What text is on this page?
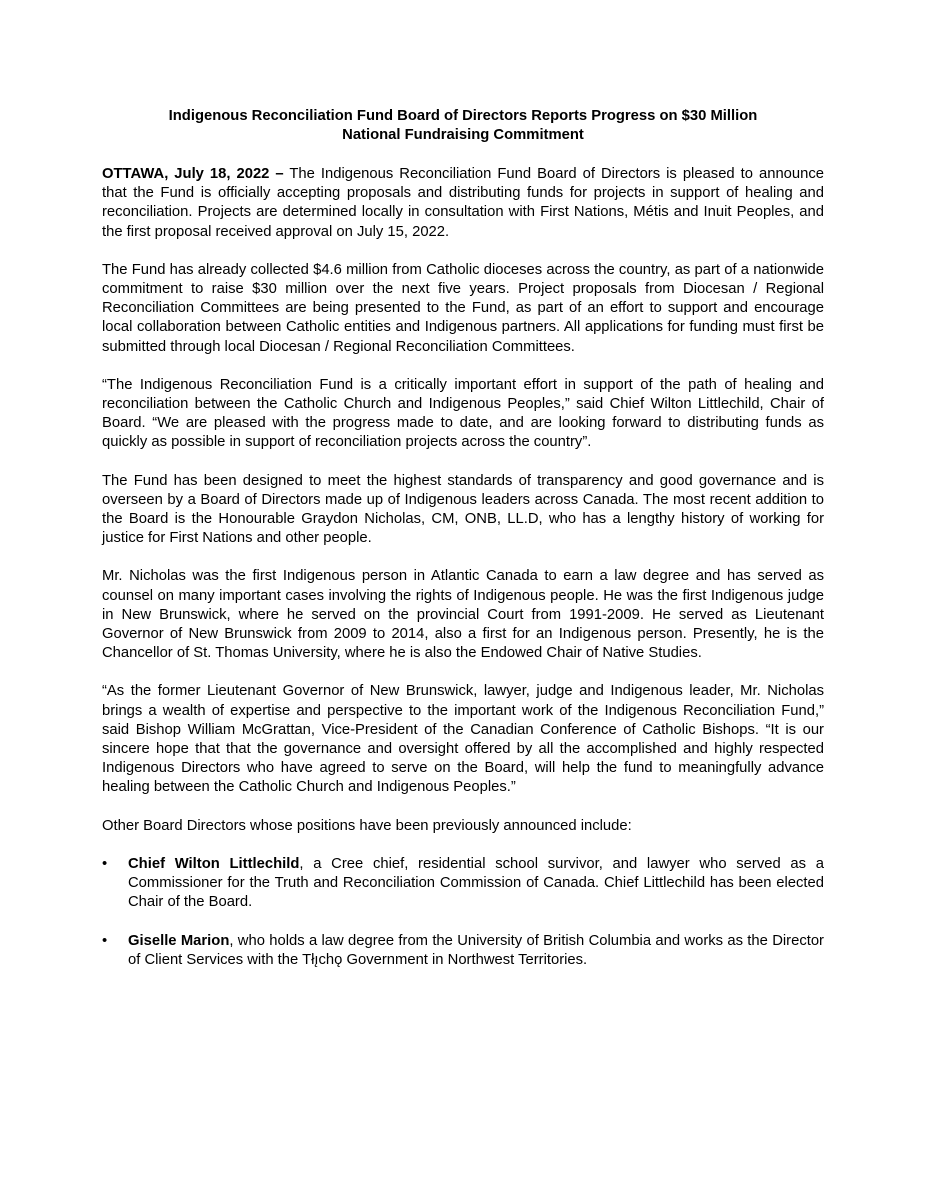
Indigenous Reconciliation Fund Board of Directors Reports Progress on $30 Million
National Fundraising Commitment

OTTAWA, July 18, 2022 – The Indigenous Reconciliation Fund Board of Directors is pleased to announce that the Fund is officially accepting proposals and distributing funds for projects in support of healing and reconciliation. Projects are determined locally in consultation with First Nations, Métis and Inuit Peoples, and the first proposal received approval on July 15, 2022.

The Fund has already collected $4.6 million from Catholic dioceses across the country, as part of a nationwide commitment to raise $30 million over the next five years. Project proposals from Diocesan / Regional Reconciliation Committees are being presented to the Fund, as part of an effort to support and encourage local collaboration between Catholic entities and Indigenous partners. All applications for funding must first be submitted through local Diocesan / Regional Reconciliation Committees.

“The Indigenous Reconciliation Fund is a critically important effort in support of the path of healing and reconciliation between the Catholic Church and Indigenous Peoples,” said Chief Wilton Littlechild, Chair of Board. “We are pleased with the progress made to date, and are looking forward to distributing funds as quickly as possible in support of reconciliation projects across the country”.

The Fund has been designed to meet the highest standards of transparency and good governance and is overseen by a Board of Directors made up of Indigenous leaders across Canada. The most recent addition to the Board is the Honourable Graydon Nicholas, CM, ONB, LL.D, who has a lengthy history of working for justice for First Nations and other people.

Mr. Nicholas was the first Indigenous person in Atlantic Canada to earn a law degree and has served as counsel on many important cases involving the rights of Indigenous people. He was the first Indigenous judge in New Brunswick, where he served on the provincial Court from 1991-2009. He served as Lieutenant Governor of New Brunswick from 2009 to 2014, also a first for an Indigenous person. Presently, he is the Chancellor of St. Thomas University, where he is also the Endowed Chair of Native Studies.

“As the former Lieutenant Governor of New Brunswick, lawyer, judge and Indigenous leader, Mr. Nicholas brings a wealth of expertise and perspective to the important work of the Indigenous Reconciliation Fund,” said Bishop William McGrattan, Vice-President of the Canadian Conference of Catholic Bishops. “It is our sincere hope that that the governance and oversight offered by all the accomplished and highly respected Indigenous Directors who have agreed to serve on the Board, will help the fund to meaningfully advance healing between the Catholic Church and Indigenous Peoples.”

Other Board Directors whose positions have been previously announced include:

•	Chief Wilton Littlechild, a Cree chief, residential school survivor, and lawyer who served as a Commissioner for the Truth and Reconciliation Commission of Canada. Chief Littlechild has been elected Chair of the Board.
•	Giselle Marion, who holds a law degree from the University of British Columbia and works as the Director of Client Services with the Tłı̨chǫ Government in Northwest Territories.
